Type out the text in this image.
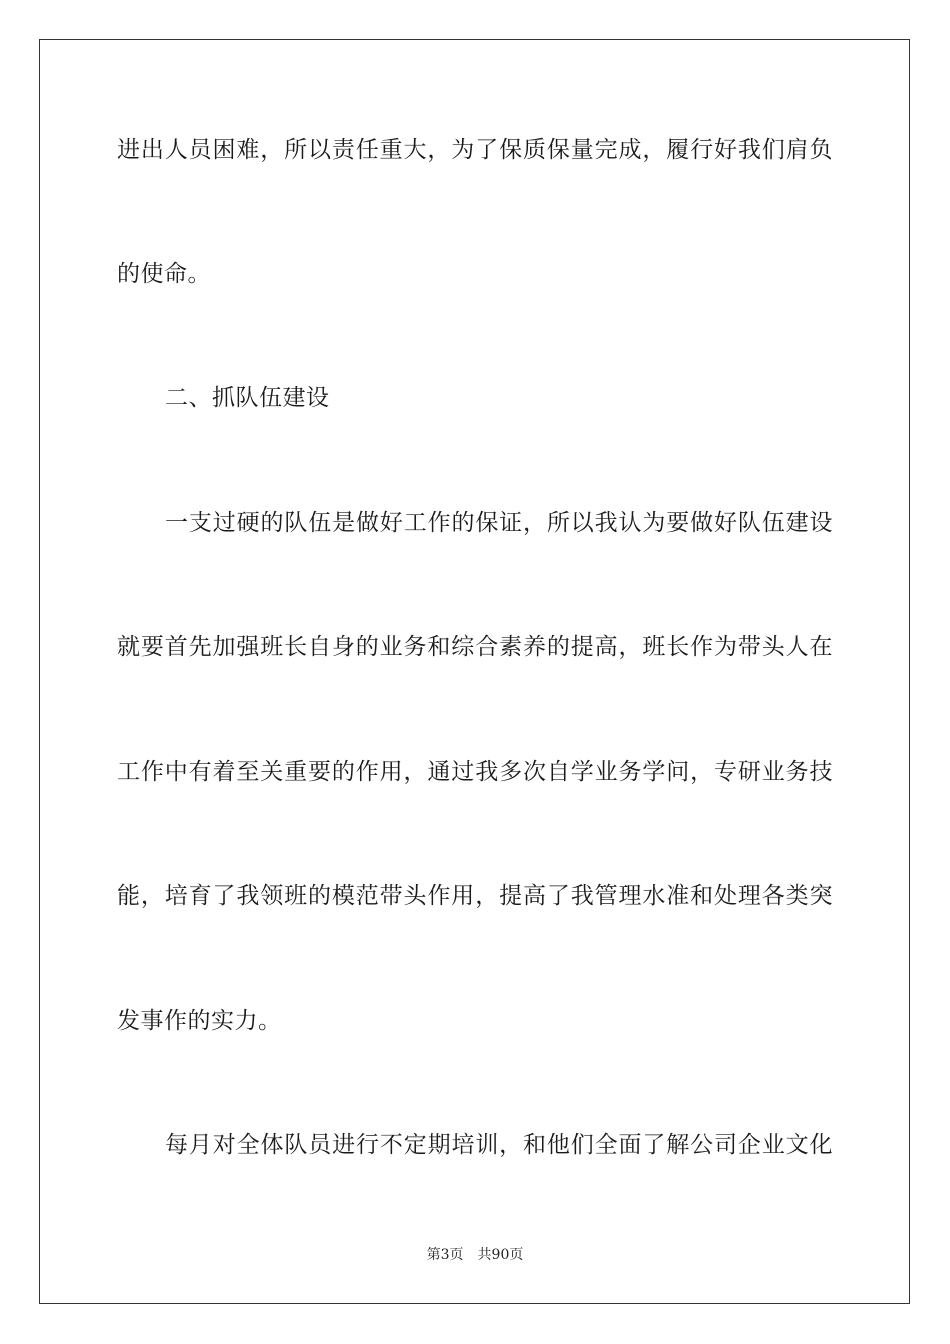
进出人员困难，所以责任重大，为了保质保量完成，履行好我们肩负
的使命。
二、抓队伍建设
一支过硬的队伍是做好工作的保证，所以我认为要做好队伍建设
就要首先加强班长自身的业务和综合素养的提高，班长作为带头人在
工作中有着至关重要的作用，通过我多次自学业务学问，专研业务技
能，培育了我领班的模范带头作用，提高了我管理水准和处理各类突
发事作的实力。
每月对全体队员进行不定期培训，和他们全面了解公司企业文化
第3页 共90页
